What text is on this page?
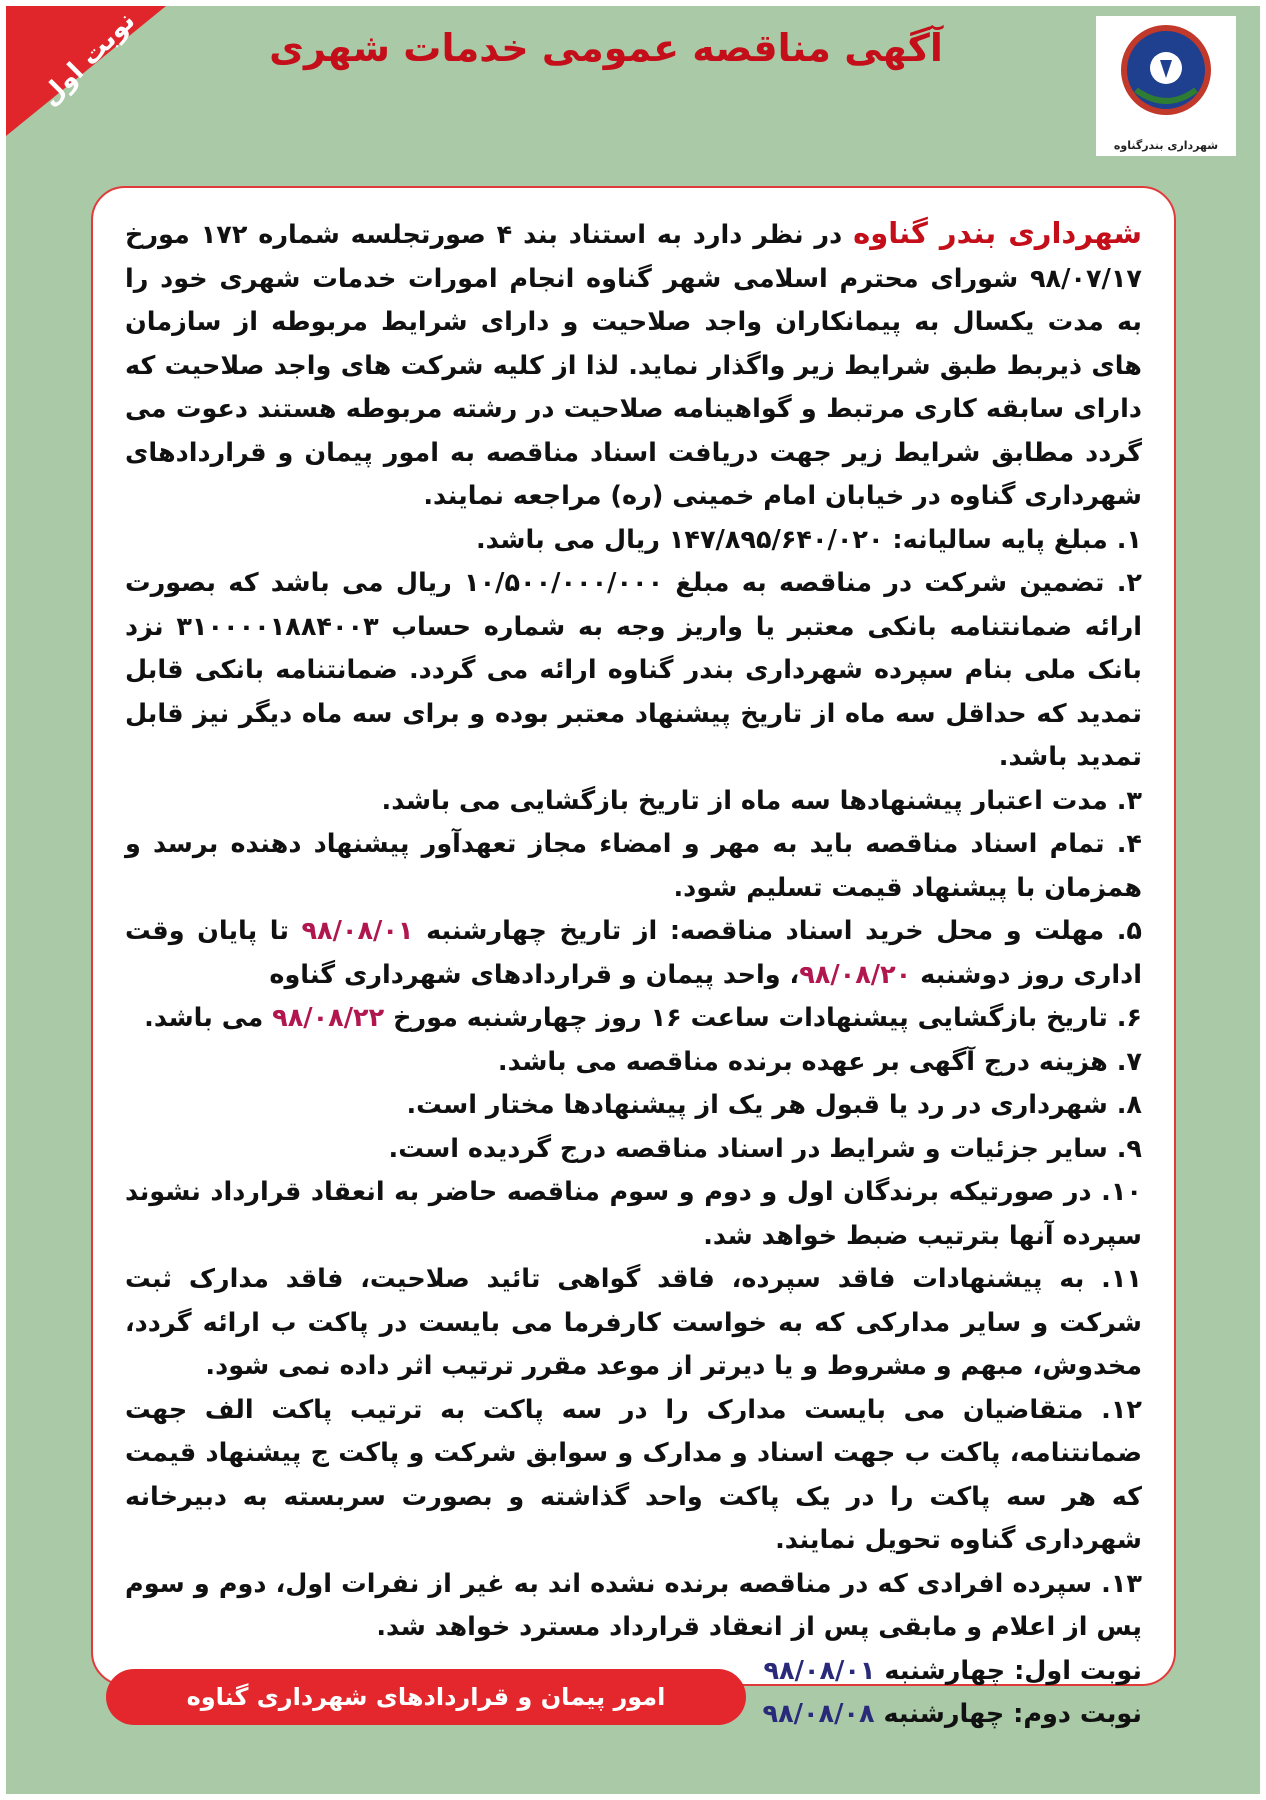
نوبت اول	آگهی مناقصه عمومی خدمات شهری
شهرداری بندرگناوه

شهرداری بندر گناوه در نظر دارد به استناد بند ۴ صورتجلسه شماره ۱۷۲ مورخ ۹۸/۰۷/۱۷ شورای محترم اسلامی شهر گناوه انجام امورات خدمات شهری خود را به مدت یکسال به پیمانکاران واجد صلاحیت و دارای شرایط مربوطه از سازمان های ذیربط طبق شرایط زیر واگذار نماید. لذا از کلیه شرکت های واجد صلاحیت که دارای سابقه کاری مرتبط و گواهینامه صلاحیت در رشته مربوطه هستند دعوت می گردد مطابق شرایط زیر جهت دریافت اسناد مناقصه به امور پیمان و قراردادهای شهرداری گناوه در خیابان امام خمینی (ره) مراجعه نمایند.

۱. مبلغ پایه سالیانه: ۱۴۷/۸۹۵/۶۴۰/۰۲۰ ریال می باشد.

۲. تضمین شرکت در مناقصه به مبلغ ۱۰/۵۰۰/۰۰۰/۰۰۰ ریال می باشد که بصورت ارائه ضمانتنامه بانکی معتبر یا واریز وجه به شماره حساب ۳۱۰۰۰۰۱۸۸۴۰۰۳ نزد بانک ملی بنام سپرده شهرداری بندر گناوه ارائه می گردد. ضمانتنامه بانکی قابل تمدید که حداقل سه ماه از تاریخ پیشنهاد معتبر بوده و برای سه ماه دیگر نیز قابل تمدید باشد.

۳. مدت اعتبار پیشنهادها سه ماه از تاریخ بازگشایی می باشد.

۴. تمام اسناد مناقصه باید به مهر و امضاء مجاز تعهدآور پیشنهاد دهنده برسد و همزمان با پیشنهاد قیمت تسلیم شود.

۵. مهلت و محل خرید اسناد مناقصه: از تاریخ چهارشنبه ۹۸/۰۸/۰۱ تا پایان وقت اداری روز دوشنبه ۹۸/۰۸/۲۰، واحد پیمان و قراردادهای شهرداری گناوه

۶. تاریخ بازگشایی پیشنهادات ساعت ۱۶ روز چهارشنبه مورخ ۹۸/۰۸/۲۲ می باشد.

۷. هزینه درج آگهی بر عهده برنده مناقصه می باشد.

۸. شهرداری در رد یا قبول هر یک از پیشنهادها مختار است.

۹. سایر جزئیات و شرایط در اسناد مناقصه درج گردیده است.

۱۰. در صورتیکه برندگان اول و دوم و سوم مناقصه حاضر به انعقاد قرارداد نشوند سپرده آنها بترتیب ضبط خواهد شد.

۱۱. به پیشنهادات فاقد سپرده، فاقد گواهی تائید صلاحیت، فاقد مدارک ثبت شرکت و سایر مدارکی که به خواست کارفرما می بایست در پاکت ب ارائه گردد، مخدوش، مبهم و مشروط و یا دیرتر از موعد مقرر ترتیب اثر داده نمی شود.

۱۲. متقاضیان می بایست مدارک را در سه پاکت به ترتیب پاکت الف جهت ضمانتنامه، پاکت ب جهت اسناد و مدارک و سوابق شرکت و پاکت ج پیشنهاد قیمت که هر سه پاکت را در یک پاکت واحد گذاشته و بصورت سربسته به دبیرخانه شهرداری گناوه تحویل نمایند.

۱۳. سپرده افرادی که در مناقصه برنده نشده اند به غیر از نفرات اول، دوم و سوم پس از اعلام و مابقی پس از انعقاد قرارداد مسترد خواهد شد.

نوبت اول: چهارشنبه ۹۸/۰۸/۰۱

نوبت دوم: چهارشنبه ۹۸/۰۸/۰۸

امور پیمان و قراردادهای شهرداری گناوه
